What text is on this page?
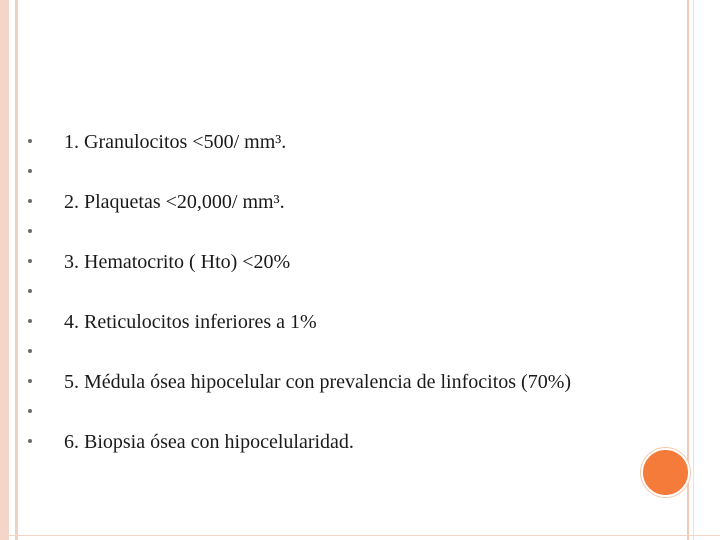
1. Granulocitos <500/ mm³.
2. Plaquetas <20,000/ mm³.
3. Hematocrito ( Hto) <20%
4. Reticulocitos inferiores a 1%
5. Médula ósea hipocelular con prevalencia de linfocitos (70%)
6. Biopsia ósea con hipocelularidad.
